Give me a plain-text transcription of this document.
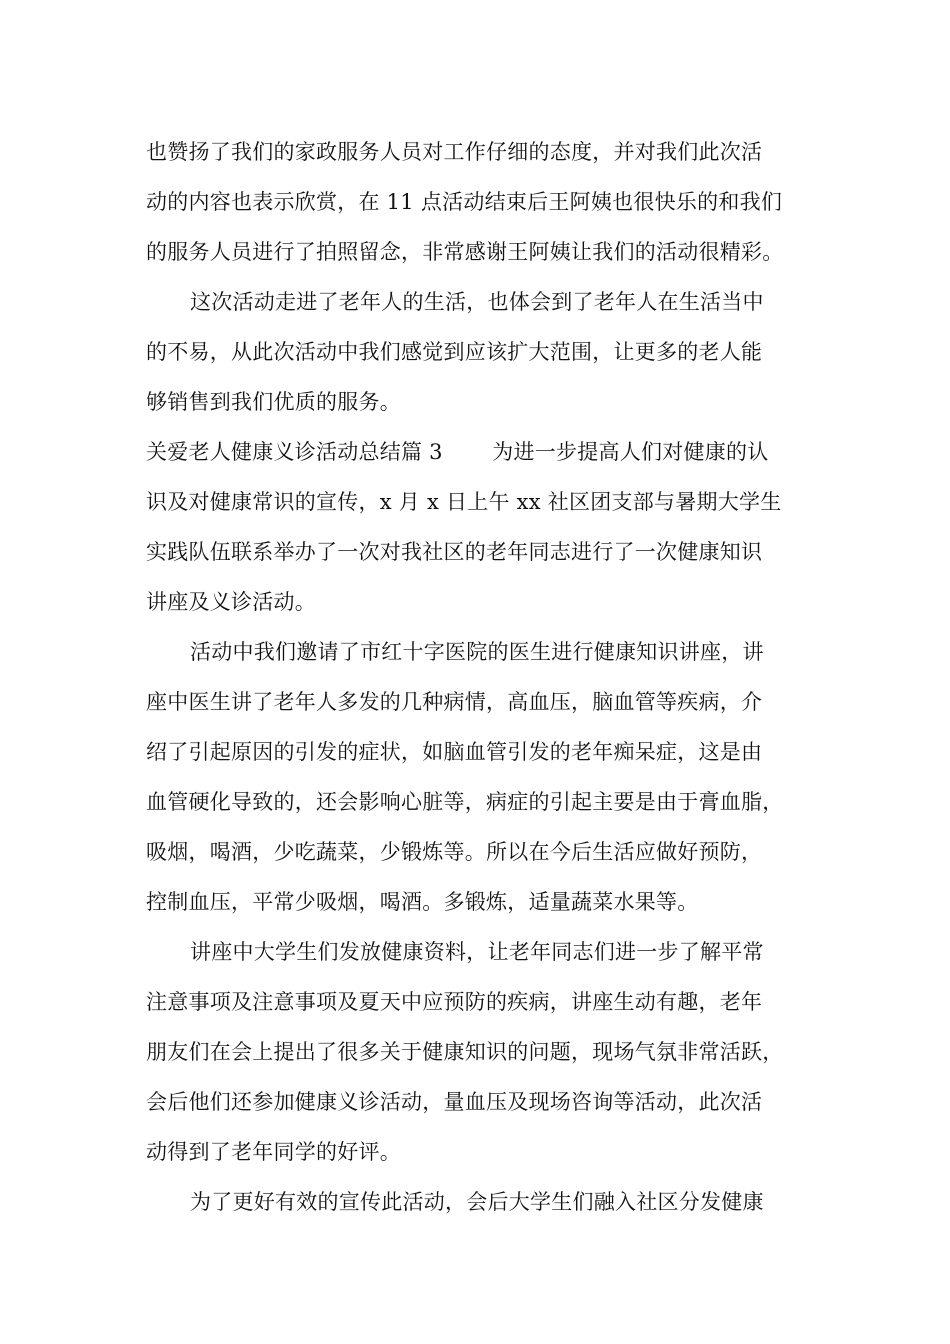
也赞扬了我们的家政服务人员对工作仔细的态度，并对我们此次活
动的内容也表示欣赏，在 11 点活动结束后王阿姨也很快乐的和我们
的服务人员进行了拍照留念，非常感谢王阿姨让我们的活动很精彩。
这次活动走进了老年人的生活，也体会到了老年人在生活当中
的不易，从此次活动中我们感觉到应该扩大范围，让更多的老人能
够销售到我们优质的服务。
关爱老人健康义诊活动总结篇 3　　 为进一步提高人们对健康的认
识及对健康常识的宣传，x 月 x 日上午 xx 社区团支部与暑期大学生
实践队伍联系举办了一次对我社区的老年同志进行了一次健康知识
讲座及义诊活动。
活动中我们邀请了市红十字医院的医生进行健康知识讲座，讲
座中医生讲了老年人多发的几种病情，高血压，脑血管等疾病，介
绍了引起原因的引发的症状，如脑血管引发的老年痴呆症，这是由
血管硬化导致的，还会影响心脏等，病症的引起主要是由于膏血脂，
吸烟，喝酒，少吃蔬菜，少锻炼等。所以在今后生活应做好预防，
控制血压，平常少吸烟，喝酒。多锻炼，适量蔬菜水果等。
讲座中大学生们发放健康资料，让老年同志们进一步了解平常
注意事项及注意事项及夏天中应预防的疾病，讲座生动有趣，老年
朋友们在会上提出了很多关于健康知识的问题，现场气氛非常活跃，
会后他们还参加健康义诊活动，量血压及现场咨询等活动，此次活
动得到了老年同学的好评。
为了更好有效的宣传此活动，会后大学生们融入社区分发健康
